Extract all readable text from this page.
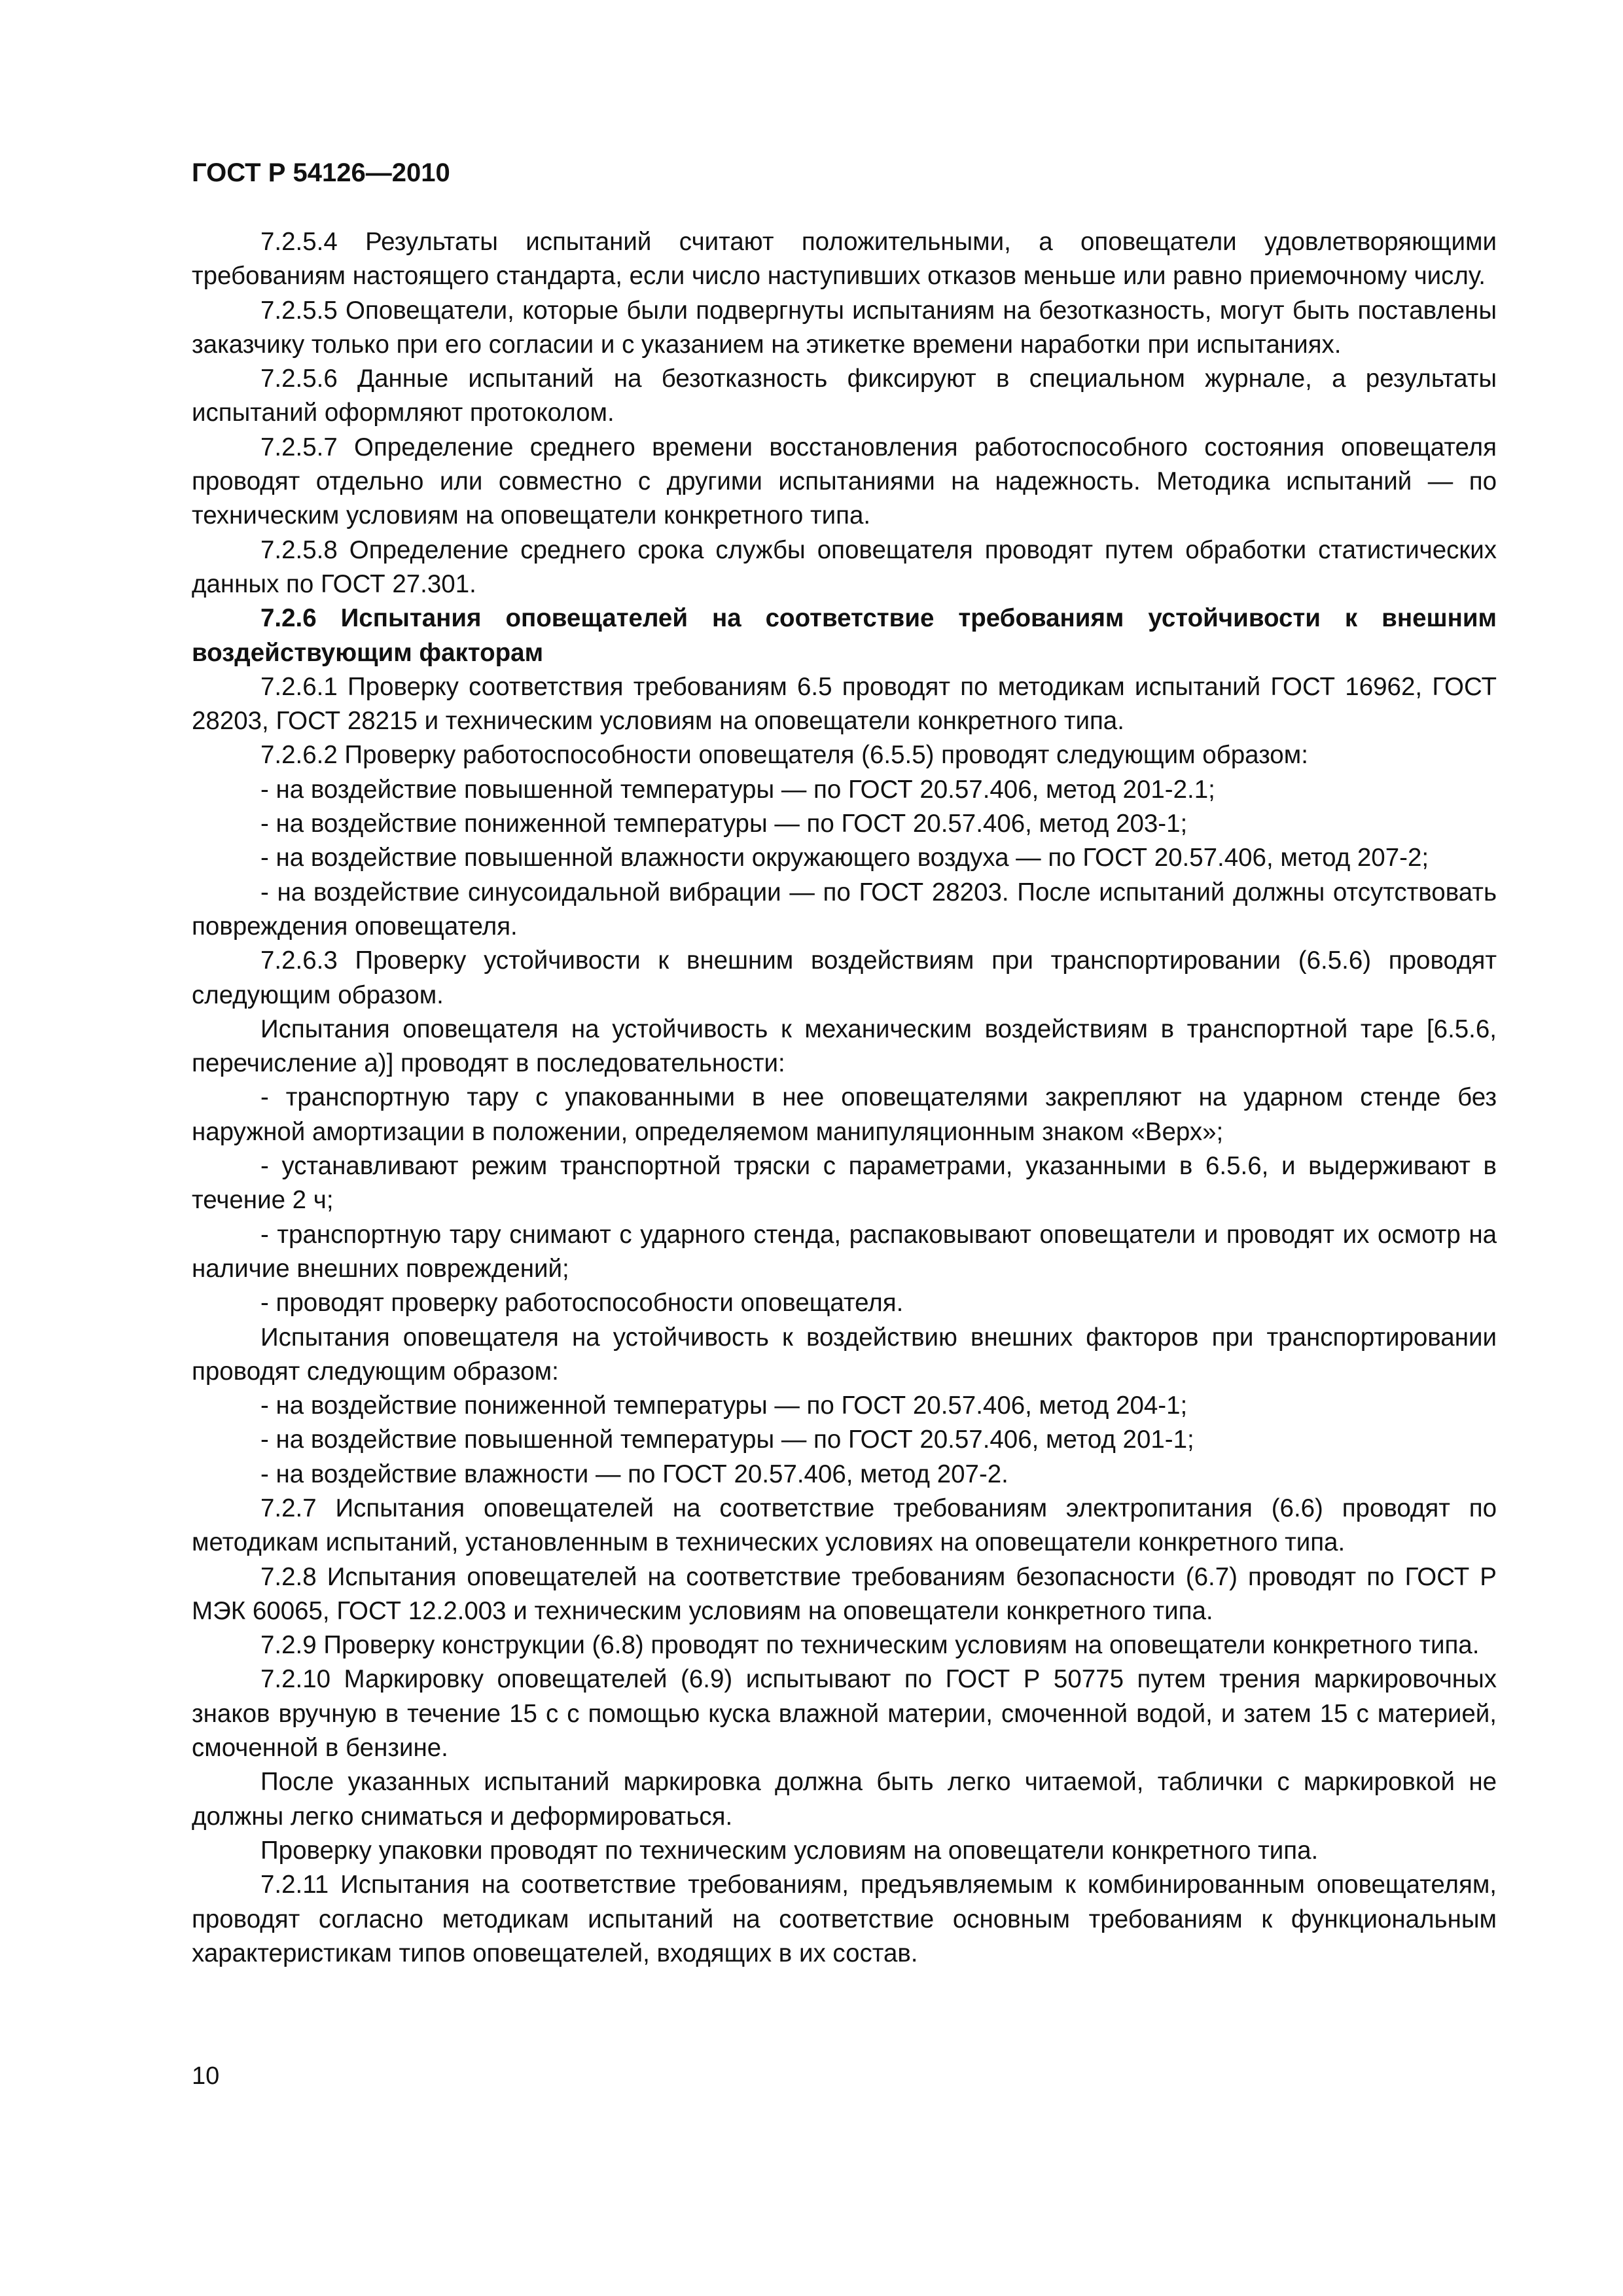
ГОСТ Р 54126—2010

7.2.5.4 Результаты испытаний считают положительными, а оповещатели удовлетворяющими требованиям настоящего стандарта, если число наступивших отказов меньше или равно приемочному числу.

7.2.5.5 Оповещатели, которые были подвергнуты испытаниям на безотказность, могут быть поставлены заказчику только при его согласии и с указанием на этикетке времени наработки при испытаниях.

7.2.5.6 Данные испытаний на безотказность фиксируют в специальном журнале, а результаты испытаний оформляют протоколом.

7.2.5.7 Определение среднего времени восстановления работоспособного состояния оповещателя проводят отдельно или совместно с другими испытаниями на надежность. Методика испытаний — по техническим условиям на оповещатели конкретного типа.

7.2.5.8 Определение среднего срока службы оповещателя проводят путем обработки статистических данных по ГОСТ 27.301.

7.2.6 Испытания оповещателей на соответствие требованиям устойчивости к внешним воздействующим факторам

7.2.6.1 Проверку соответствия требованиям 6.5 проводят по методикам испытаний ГОСТ 16962, ГОСТ 28203, ГОСТ 28215 и техническим условиям на оповещатели конкретного типа.

7.2.6.2 Проверку работоспособности оповещателя (6.5.5) проводят следующим образом:

- на воздействие повышенной температуры — по ГОСТ 20.57.406, метод 201-2.1;

- на воздействие пониженной температуры — по ГОСТ 20.57.406, метод 203-1;

- на воздействие повышенной влажности окружающего воздуха — по ГОСТ 20.57.406, метод 207-2;

- на воздействие синусоидальной вибрации — по ГОСТ 28203. После испытаний должны отсутствовать повреждения оповещателя.

7.2.6.3 Проверку устойчивости к внешним воздействиям при транспортировании (6.5.6) проводят следующим образом.

Испытания оповещателя на устойчивость к механическим воздействиям в транспортной таре [6.5.6, перечисление а)] проводят в последовательности:

- транспортную тару с упакованными в нее оповещателями закрепляют на ударном стенде без наружной амортизации в положении, определяемом манипуляционным знаком «Верх»;

- устанавливают режим транспортной тряски с параметрами, указанными в 6.5.6, и выдерживают в течение 2 ч;

- транспортную тару снимают с ударного стенда, распаковывают оповещатели и проводят их осмотр на наличие внешних повреждений;

- проводят проверку работоспособности оповещателя.

Испытания оповещателя на устойчивость к воздействию внешних факторов при транспортировании проводят следующим образом:

- на воздействие пониженной температуры — по ГОСТ 20.57.406, метод 204-1;

- на воздействие повышенной температуры — по ГОСТ 20.57.406, метод 201-1;

- на воздействие влажности — по ГОСТ 20.57.406, метод 207-2.

7.2.7 Испытания оповещателей на соответствие требованиям электропитания (6.6) проводят по методикам испытаний, установленным в технических условиях на оповещатели конкретного типа.

7.2.8 Испытания оповещателей на соответствие требованиям безопасности (6.7) проводят по ГОСТ Р МЭК 60065, ГОСТ 12.2.003 и техническим условиям на оповещатели конкретного типа.

7.2.9 Проверку конструкции (6.8) проводят по техническим условиям на оповещатели конкретного типа.

7.2.10 Маркировку оповещателей (6.9) испытывают по ГОСТ Р 50775 путем трения маркировочных знаков вручную в течение 15 с с помощью куска влажной материи, смоченной водой, и затем 15 с материей, смоченной в бензине.

После указанных испытаний маркировка должна быть легко читаемой, таблички с маркировкой не должны легко сниматься и деформироваться.

Проверку упаковки проводят по техническим условиям на оповещатели конкретного типа.

7.2.11 Испытания на соответствие требованиям, предъявляемым к комбинированным оповещателям, проводят согласно методикам испытаний на соответствие основным требованиям к функциональным характеристикам типов оповещателей, входящих в их состав.

10
